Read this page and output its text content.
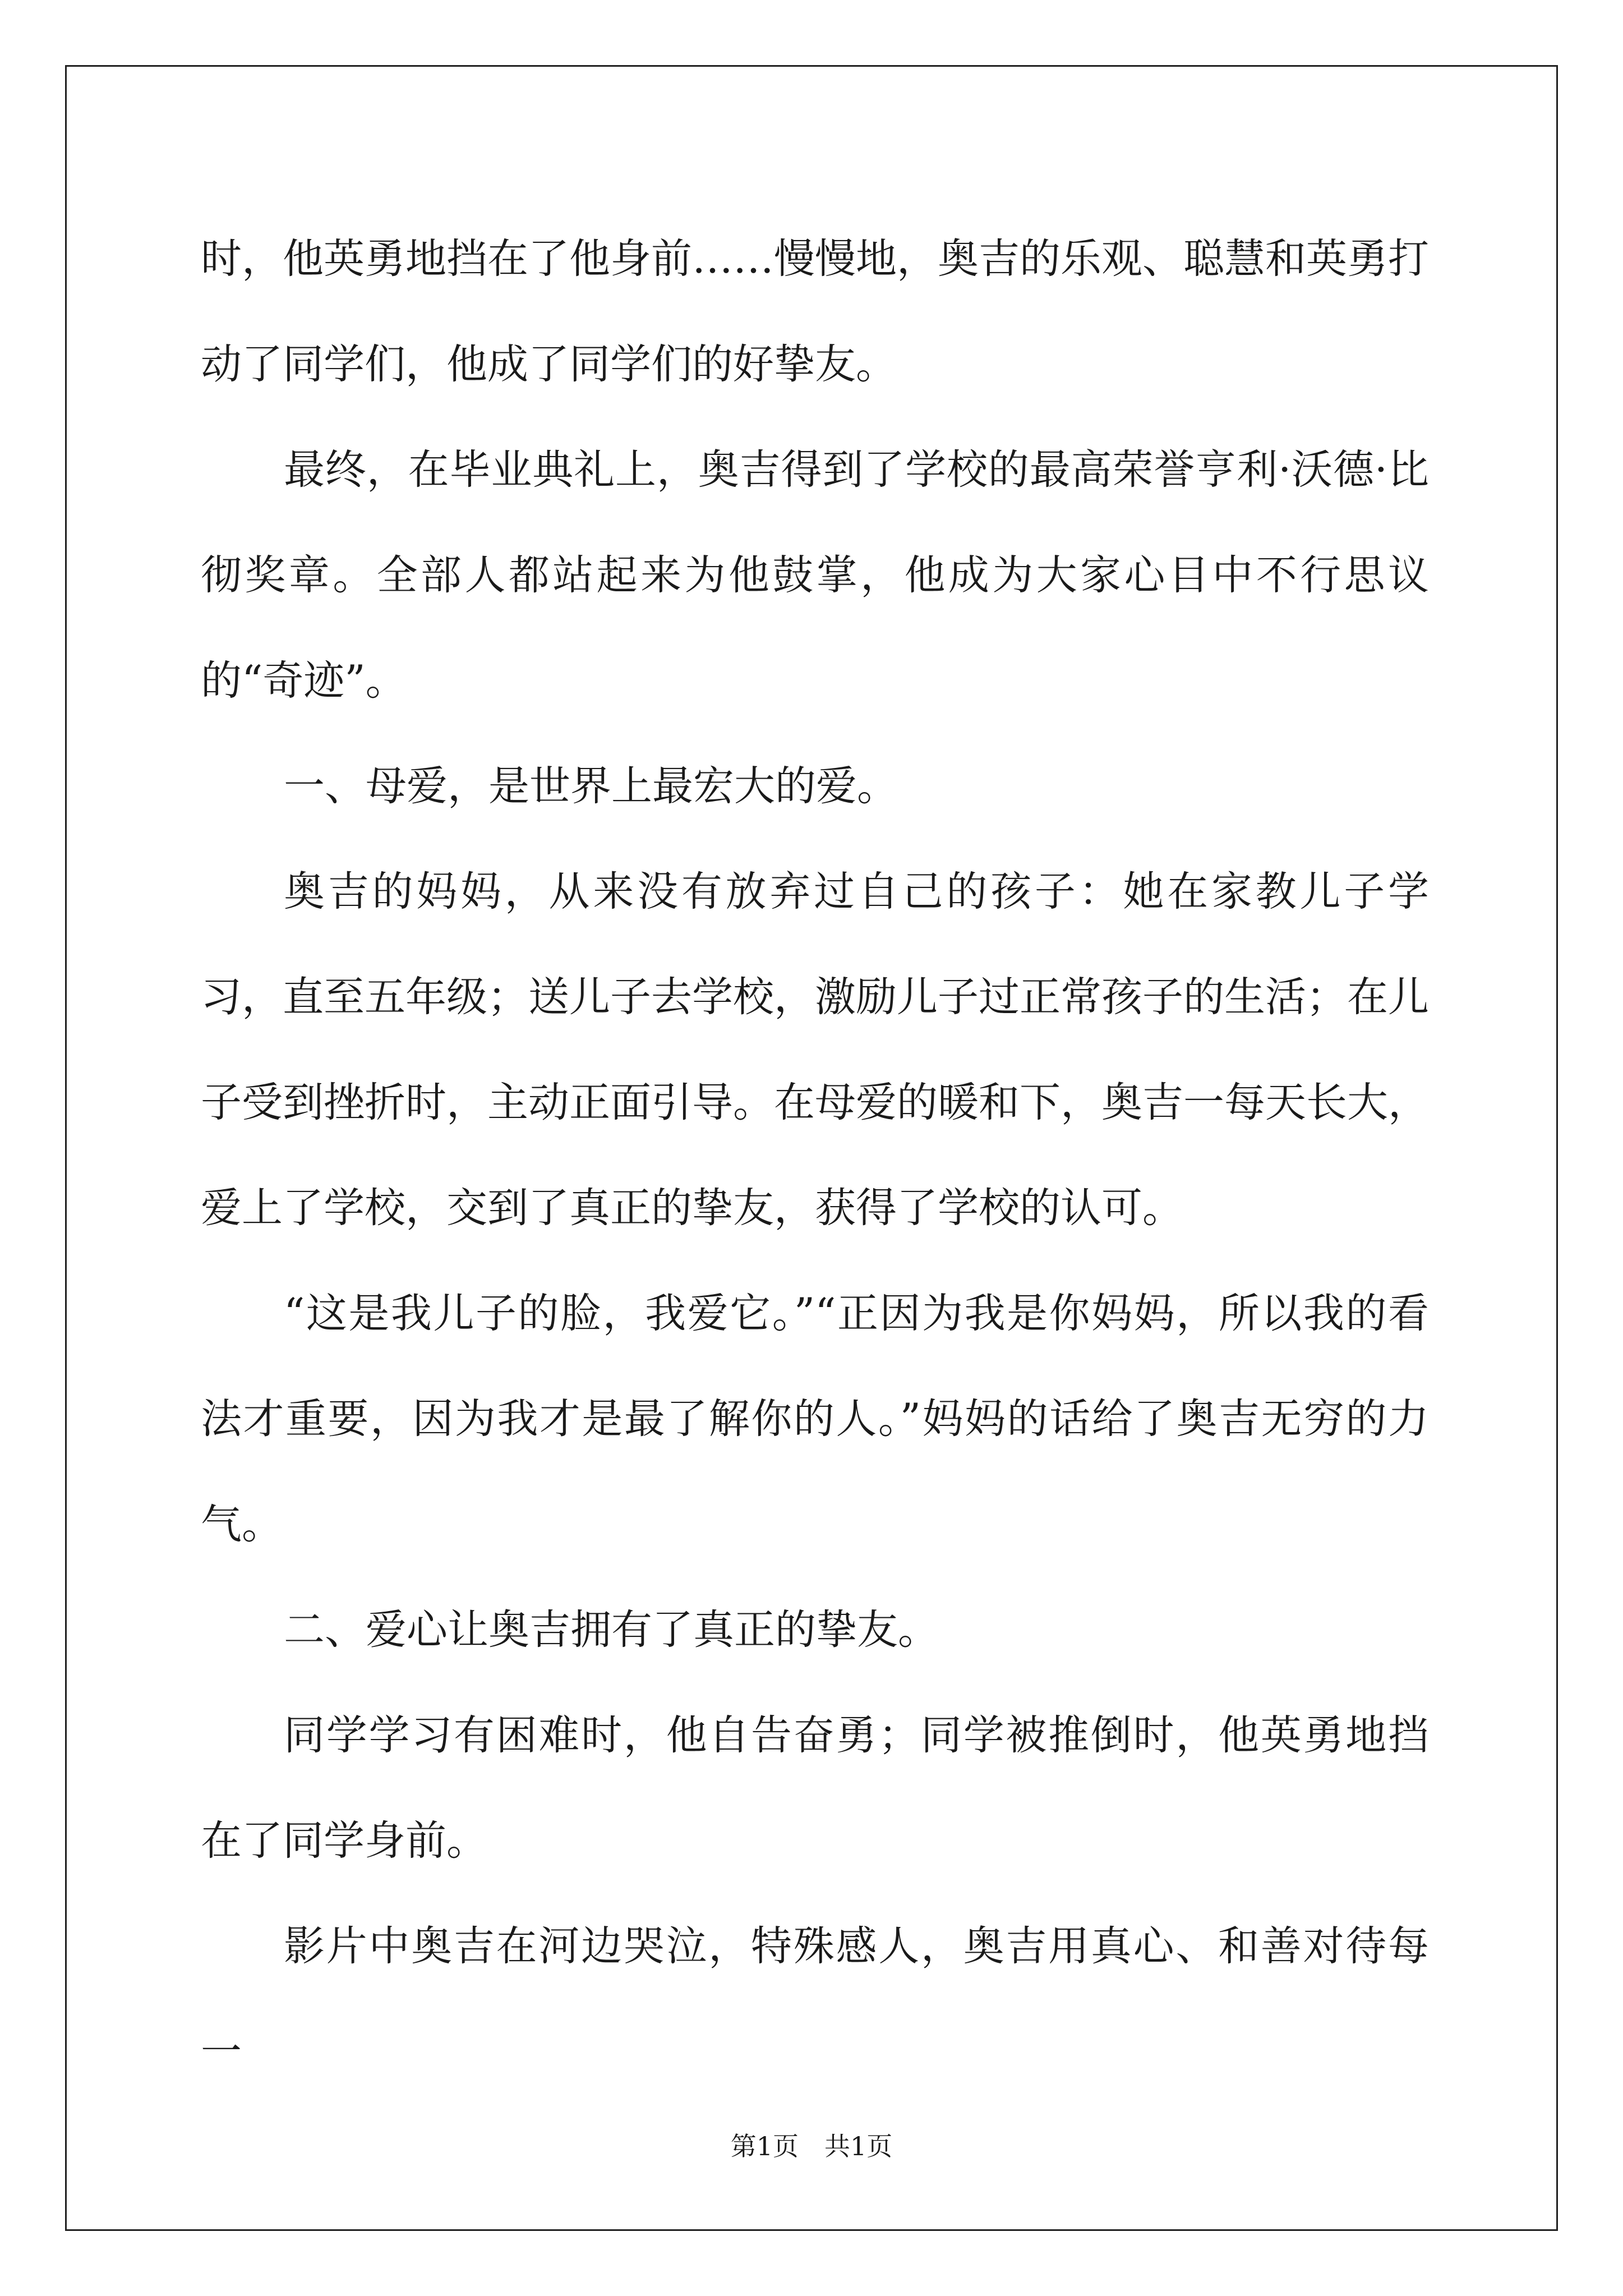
时，他英勇地挡在了他身前……慢慢地，奥吉的乐观、聪慧和英勇打动了同学们，他成了同学们的好挚友。

最终，在毕业典礼上，奥吉得到了学校的最高荣誉亨利·沃德·比彻奖章。全部人都站起来为他鼓掌，他成为大家心目中不行思议的“奇迹”。

一、母爱，是世界上最宏大的爱。

奥吉的妈妈，从来没有放弃过自己的孩子：她在家教儿子学习，直至五年级；送儿子去学校，激励儿子过正常孩子的生活；在儿子受到挫折时，主动正面引导。在母爱的暖和下，奥吉一每天长大，爱上了学校，交到了真正的挚友，获得了学校的认可。

“这是我儿子的脸，我爱它。”“正因为我是你妈妈，所以我的看法才重要，因为我才是最了解你的人。”妈妈的话给了奥吉无穷的力气。

二、爱心让奥吉拥有了真正的挚友。

同学学习有困难时，他自告奋勇；同学被推倒时，他英勇地挡在了同学身前。

影片中奥吉在河边哭泣，特殊感人，奥吉用真心、和善对待每一

第1页 共1页
